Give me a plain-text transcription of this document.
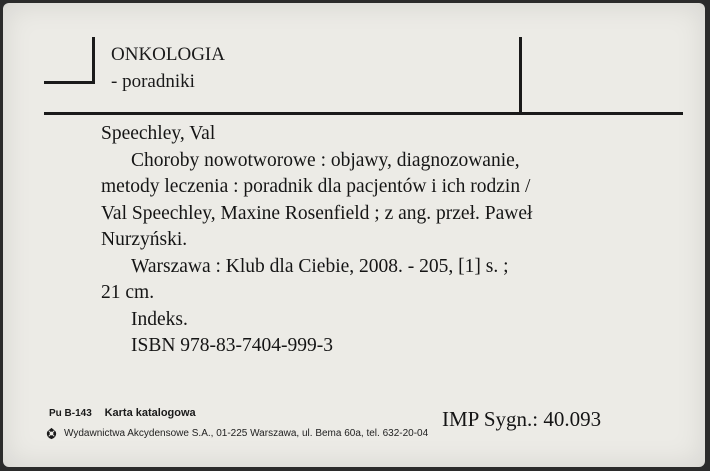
ONKOLOGIA
- poradniki
Speechley, Val
Choroby nowotworowe : objawy, diagnozowanie,
metody leczenia : poradnik dla pacjentów i ich rodzin /
Val Speechley, Maxine Rosenfield ; z ang. przeł. Paweł
Nurzyński.
Warszawa : Klub dla Ciebie, 2008. - 205, [1] s. ;
21 cm.
Indeks.
ISBN 978-83-7404-999-3
Pu B-143 Karta katalogowa
Wydawnictwa Akcydensowe S.A., 01-225 Warszawa, ul. Bema 60a, tel. 632-20-04
IMP Sygn.: 40.093
